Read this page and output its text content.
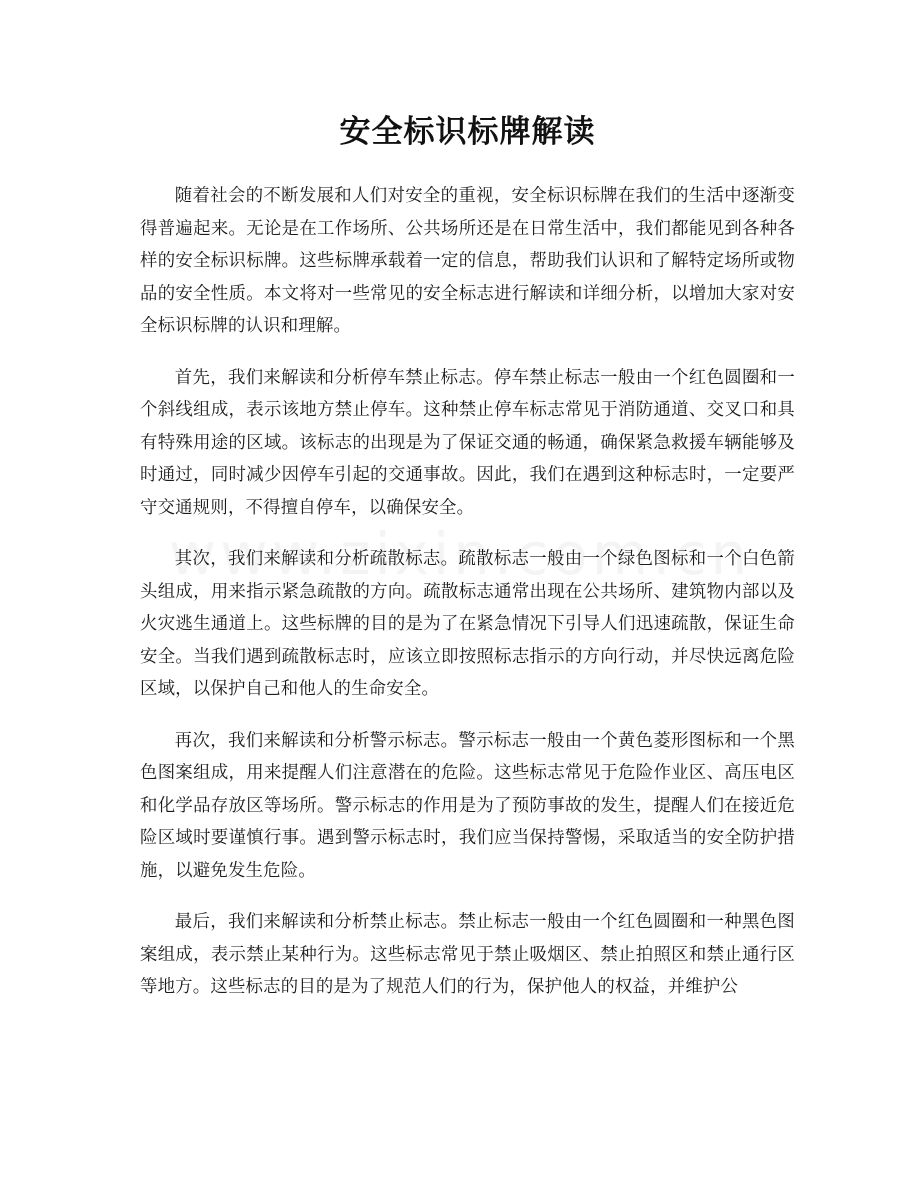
安全标识标牌解读

随着社会的不断发展和人们对安全的重视，安全标识标牌在我们的生活中逐渐变得普遍起来。无论是在工作场所、公共场所还是在日常生活中，我们都能见到各种各样的安全标识标牌。这些标牌承载着一定的信息，帮助我们认识和了解特定场所或物品的安全性质。本文将对一些常见的安全标志进行解读和详细分析，以增加大家对安全标识标牌的认识和理解。

首先，我们来解读和分析停车禁止标志。停车禁止标志一般由一个红色圆圈和一个斜线组成，表示该地方禁止停车。这种禁止停车标志常见于消防通道、交叉口和具有特殊用途的区域。该标志的出现是为了保证交通的畅通，确保紧急救援车辆能够及时通过，同时减少因停车引起的交通事故。因此，我们在遇到这种标志时，一定要严守交通规则，不得擅自停车，以确保安全。

其次，我们来解读和分析疏散标志。疏散标志一般由一个绿色图标和一个白色箭头组成，用来指示紧急疏散的方向。疏散标志通常出现在公共场所、建筑物内部以及火灾逃生通道上。这些标牌的目的是为了在紧急情况下引导人们迅速疏散，保证生命安全。当我们遇到疏散标志时，应该立即按照标志指示的方向行动，并尽快远离危险区域，以保护自己和他人的生命安全。

再次，我们来解读和分析警示标志。警示标志一般由一个黄色菱形图标和一个黑色图案组成，用来提醒人们注意潜在的危险。这些标志常见于危险作业区、高压电区和化学品存放区等场所。警示标志的作用是为了预防事故的发生，提醒人们在接近危险区域时要谨慎行事。遇到警示标志时，我们应当保持警惕，采取适当的安全防护措施，以避免发生危险。

最后，我们来解读和分析禁止标志。禁止标志一般由一个红色圆圈和一种黑色图案组成，表示禁止某种行为。这些标志常见于禁止吸烟区、禁止拍照区和禁止通行区等地方。这些标志的目的是为了规范人们的行为，保护他人的权益，并维护公
